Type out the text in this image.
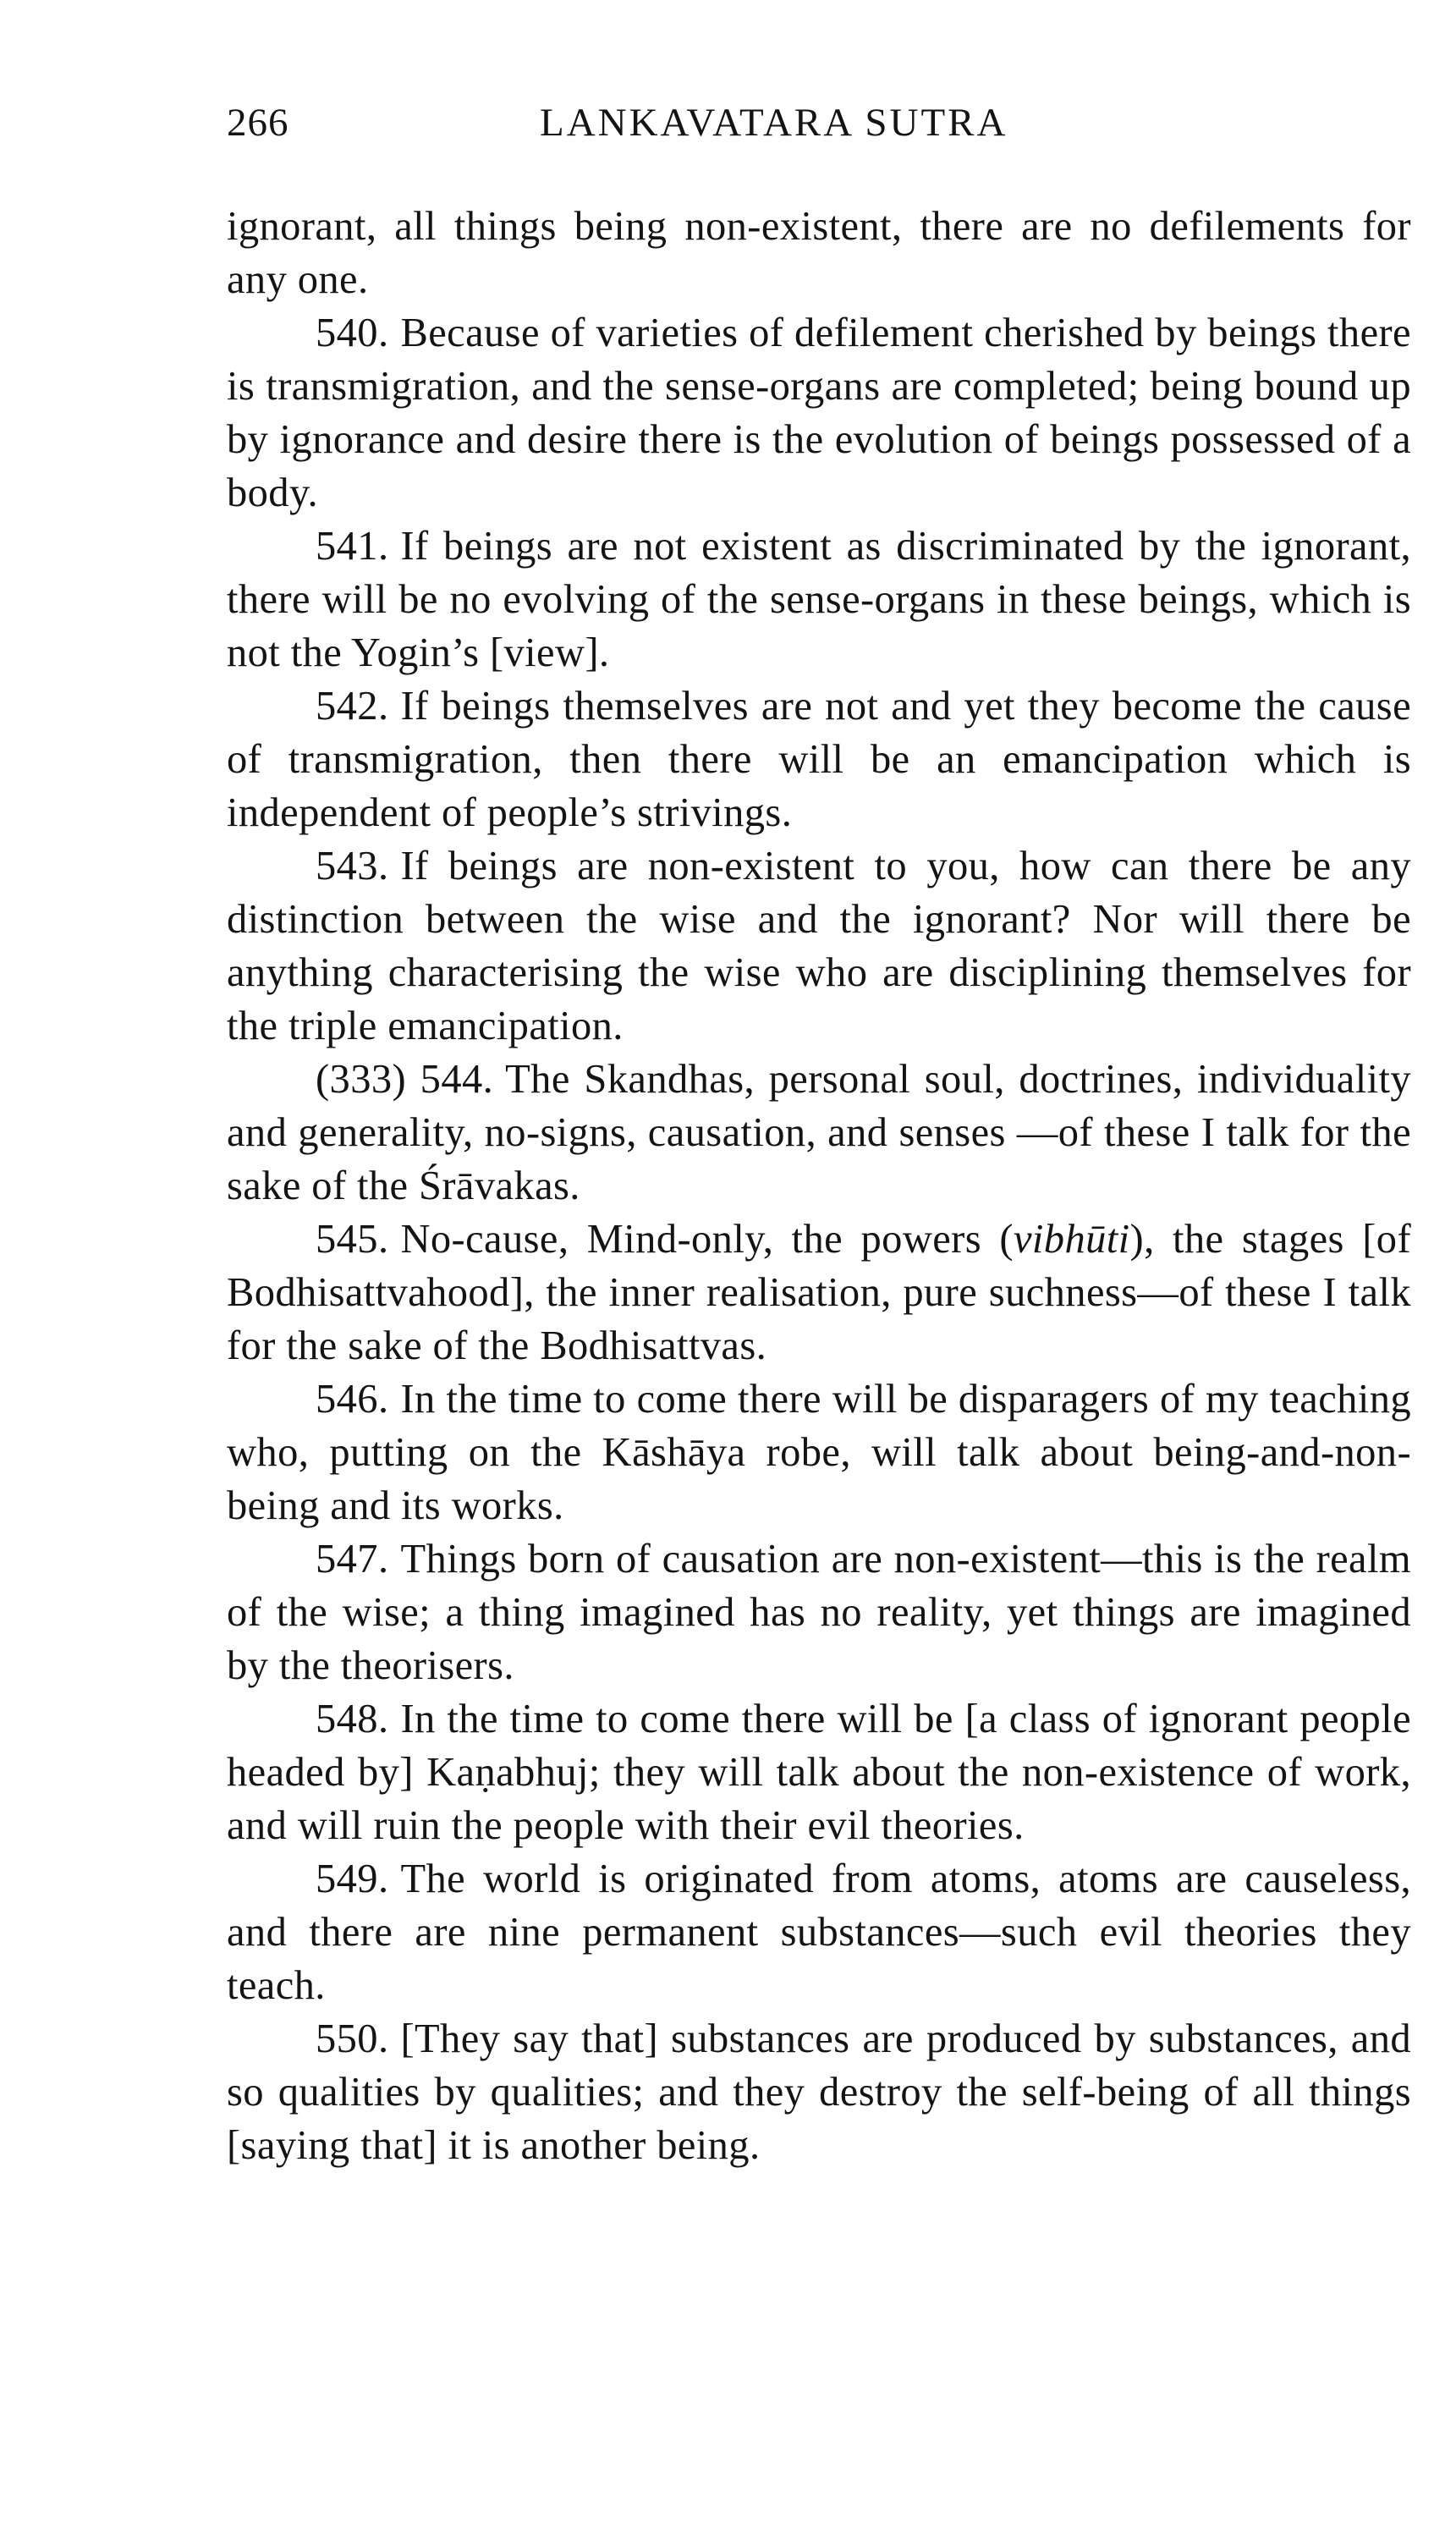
266	LANKAVATARA SUTRA

ignorant, all things being non-existent, there are no defilements for any one.

540. Because of varieties of defilement cherished by beings there is transmigration, and the sense-organs are completed; being bound up by ignorance and desire there is the evolution of beings possessed of a body.

541. If beings are not existent as discriminated by the ignorant, there will be no evolving of the sense-organs in these beings, which is not the Yogin’s [view].

542. If beings themselves are not and yet they become the cause of transmigration, then there will be an emancipation which is independent of people’s strivings.

543. If beings are non-existent to you, how can there be any distinction between the wise and the ignorant? Nor will there be anything characterising the wise who are disciplining themselves for the triple emancipation.

(333) 544. The Skandhas, personal soul, doctrines, individuality and generality, no-signs, causation, and senses —of these I talk for the sake of the Śrāvakas.

545. No-cause, Mind-only, the powers (vibhūti), the stages [of Bodhisattvahood], the inner realisation, pure suchness—of these I talk for the sake of the Bodhisattvas.

546. In the time to come there will be disparagers of my teaching who, putting on the Kāshāya robe, will talk about being-and-non-being and its works.

547. Things born of causation are non-existent—this is the realm of the wise; a thing imagined has no reality, yet things are imagined by the theorisers.

548. In the time to come there will be [a class of ignorant people headed by] Kaṇabhuj; they will talk about the non-existence of work, and will ruin the people with their evil theories.

549. The world is originated from atoms, atoms are causeless, and there are nine permanent substances—such evil theories they teach.

550. [They say that] substances are produced by substances, and so qualities by qualities; and they destroy the self-being of all things [saying that] it is another being.
